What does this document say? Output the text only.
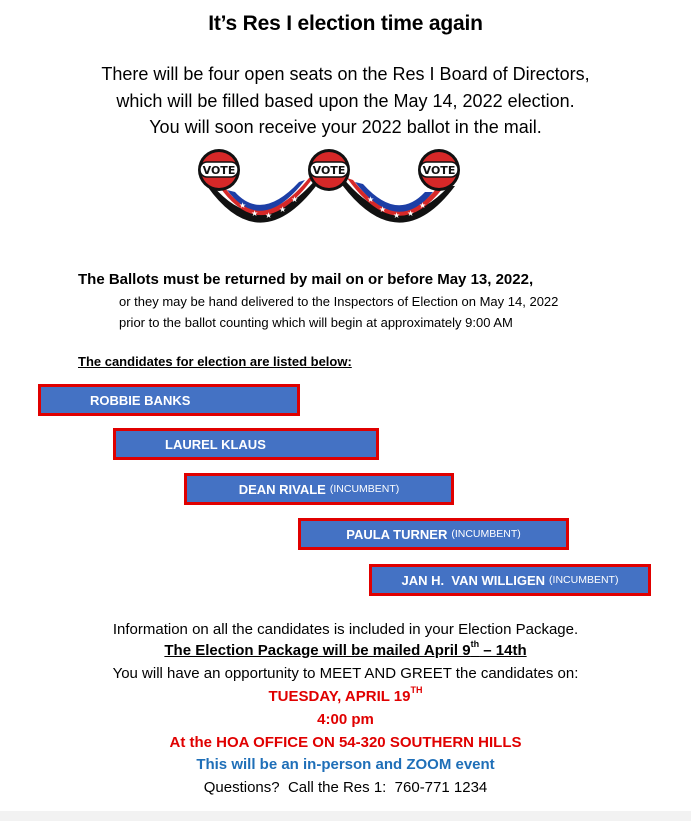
It’s Res I election time again
There will be four open seats on the Res I Board of Directors,
which will be filled based upon the May 14, 2022 election.
You will soon receive your 2022 ballot in the mail.
★
★ ★
★
★	★
★
★ ★
★
VOTE	VOTE	VOTE
The Ballots must be returned by mail on or before May 13, 2022,
or they may be hand delivered to the Inspectors of Election on May 14, 2022
prior to the ballot counting which will begin at approximately 9:00 AM
The candidates for election are listed below:
ROBBIE BANKS
LAUREL KLAUS
DEAN RIVALE (INCUMBENT)
PAULA TURNER (INCUMBENT)
JAN H.  VAN WILLIGEN (INCUMBENT)
Information on all the candidates is included in your Election Package.
The Election Package will be mailed April 9th – 14th
You will have an opportunity to MEET AND GREET the candidates on:
TUESDAY, APRIL 19TH
4:00 pm
At the HOA OFFICE ON 54-320 SOUTHERN HILLS
This will be an in-person and ZOOM event
Questions?  Call the Res 1:  760-771 1234
